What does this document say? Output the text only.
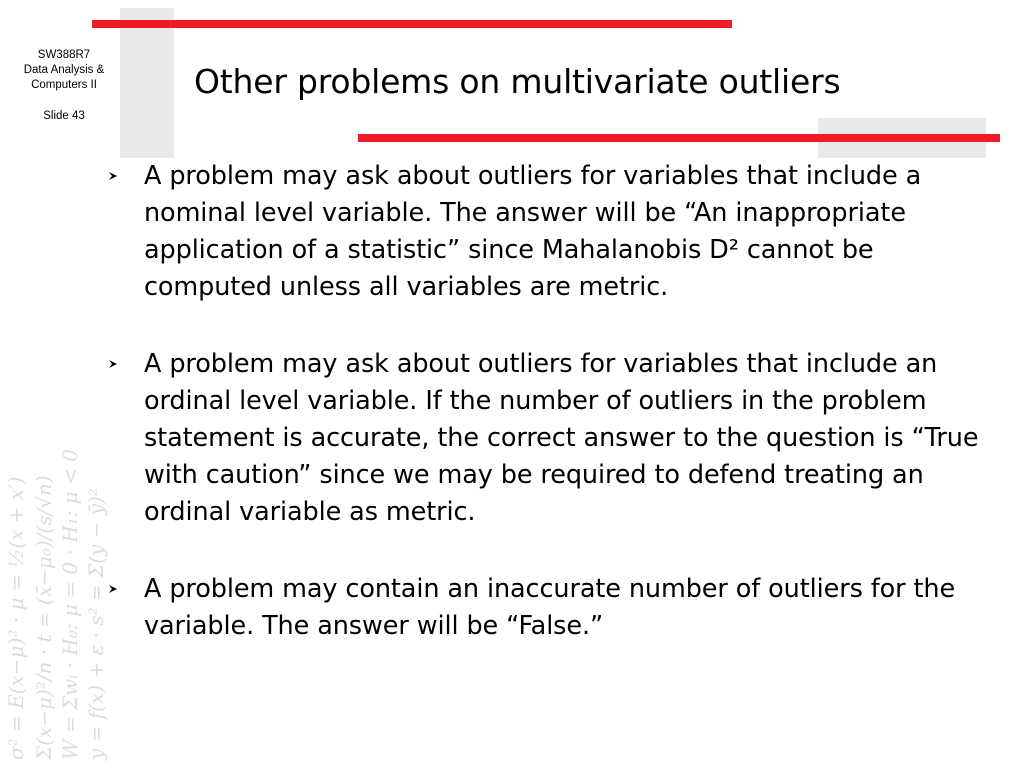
σ² = E(x−μ)² · μ = ½(x + x′) Σ(x−μ)²/n · t = (x̄−μ₀)/(s/√n) W = Σwᵢ · H₀: μ = 0 · H₁: μ < 0 y = f(x) + ε · s² = Σ(y − ȳ)²
SW388R7
Data Analysis &
Computers II
Slide 43
Other problems on multivariate outliers
A problem may ask about outliers for variables that include a nominal level variable. The answer will be “An inappropriate application of a statistic” since Mahalanobis D² cannot be computed unless all variables are metric.
A problem may ask about outliers for variables that include an ordinal level variable. If the number of outliers in the problem statement is accurate, the correct answer to the question is “True with caution” since we may be required to defend treating an ordinal variable as metric.
A problem may contain an inaccurate number of outliers for the variable. The answer will be “False.”
